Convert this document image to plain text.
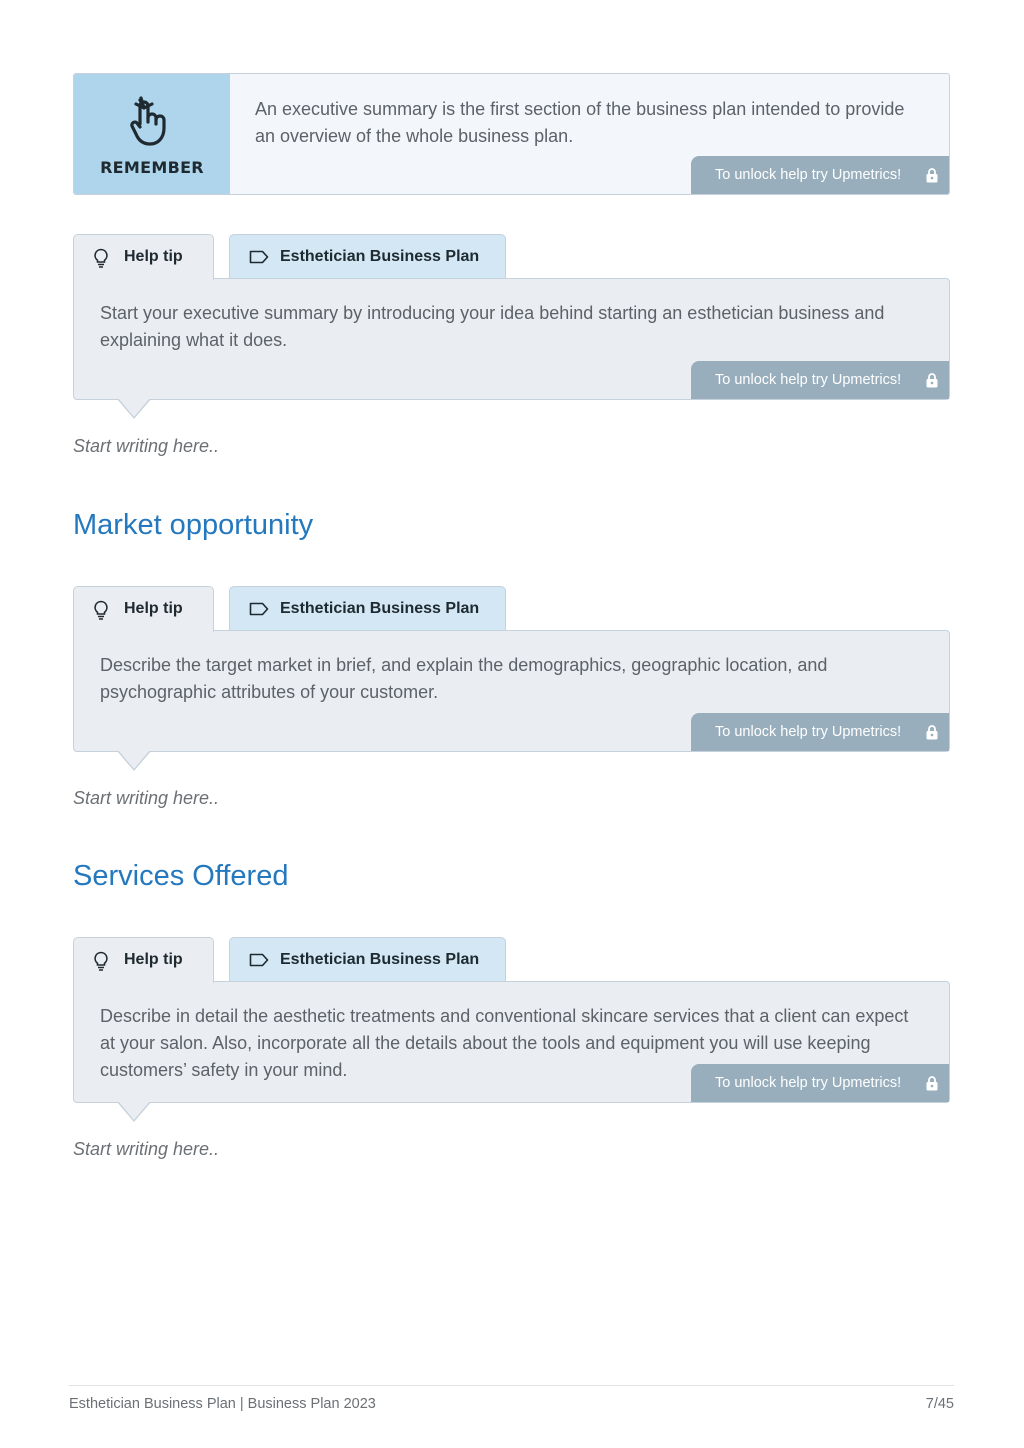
REMEMBER
An executive summary is the first section of the business plan intended to provide an overview of the whole business plan.
To unlock help try Upmetrics!
Help tip	Esthetician Business Plan
Start your executive summary by introducing your idea behind starting an esthetician business and explaining what it does.
To unlock help try Upmetrics!
Start writing here..
Market opportunity
Help tip	Esthetician Business Plan
Describe the target market in brief, and explain the demographics, geographic location, and psychographic attributes of your customer.
To unlock help try Upmetrics!
Start writing here..
Services Offered
Help tip	Esthetician Business Plan
Describe in detail the aesthetic treatments and conventional skincare services that a client can expect at your salon. Also, incorporate all the details about the tools and equipment you will use keeping customers’ safety in your mind.
To unlock help try Upmetrics!
Start writing here..
Esthetician Business Plan | Business Plan 2023	7/45
